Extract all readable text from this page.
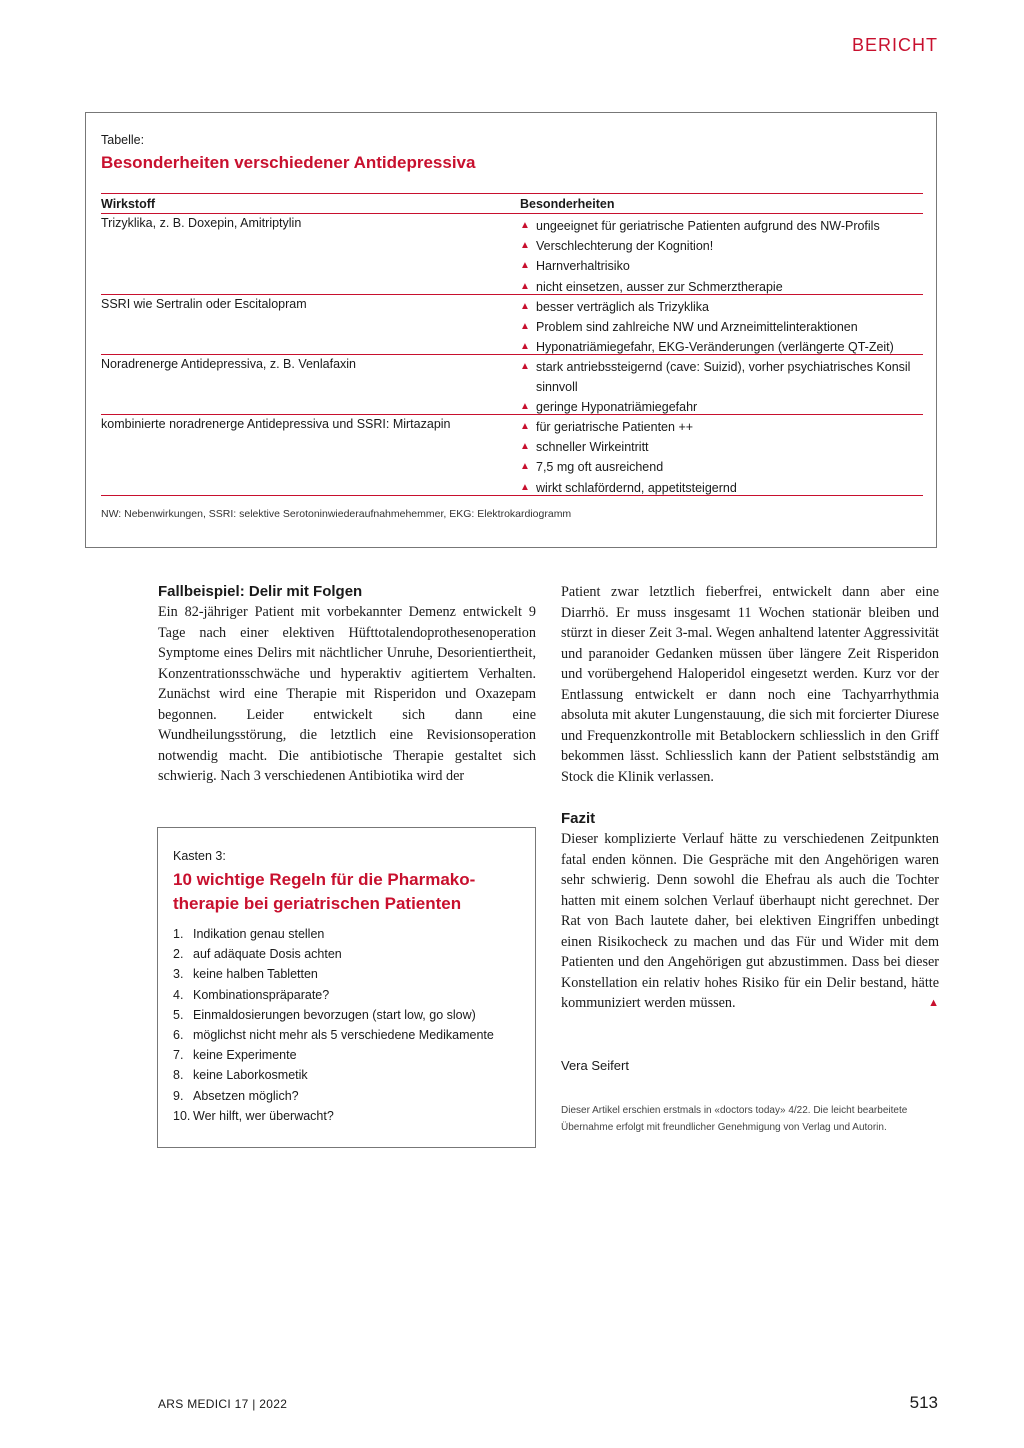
BERICHT
Tabelle:
Besonderheiten verschiedener Antidepressiva
Wirkstoff	Besonderheiten
Trizyklika, z. B. Doxepin, Amitriptylin	▲ ungeeignet für geriatrische Patienten aufgrund des NW-Profils
▲ Verschlechterung der Kognition!
▲ Harnverhaltrisiko
▲ nicht einsetzen, ausser zur Schmerztherapie
SSRI wie Sertralin oder Escitalopram	▲ besser verträglich als Trizyklika
▲ Problem sind zahlreiche NW und Arzneimittelinteraktionen
▲ Hyponatriämiegefahr, EKG-Veränderungen (verlängerte QT-Zeit)
Noradrenerge Antidepressiva, z. B. Venlafaxin	▲ stark antriebssteigernd (cave: Suizid), vorher psychiatrisches Konsil sinnvoll
▲ geringe Hyponatriämiegefahr
kombinierte noradrenerge Antidepressiva und SSRI: Mirtazapin	▲ für geriatrische Patienten ++
▲ schneller Wirkeintritt
▲ 7,5 mg oft ausreichend
▲ wirkt schlafördernd, appetitsteigernd
NW: Nebenwirkungen, SSRI: selektive Serotoninwiederaufnahmehemmer, EKG: Elektrokardiogramm
Fallbeispiel: Delir mit Folgen

Ein 82-jähriger Patient mit vorbekannter Demenz entwickelt 9 Tage nach einer elektiven Hüfttotalendoprothesenoperation Symptome eines Delirs mit nächtlicher Unruhe, Desorientiertheit, Konzentrationsschwäche und hyperaktiv agitiertem Verhalten. Zunächst wird eine Therapie mit Risperidon und Oxazepam begonnen. Leider entwickelt sich dann eine Wundheilungsstörung, die letztlich eine Revisionsoperation notwendig macht. Die antibiotische Therapie gestaltet sich schwierig. Nach 3 verschiedenen Antibiotika wird der

Patient zwar letztlich fieberfrei, entwickelt dann aber eine Diarrhö. Er muss insgesamt 11 Wochen stationär bleiben und stürzt in dieser Zeit 3-mal. Wegen anhaltend latenter Aggressivität und paranoider Gedanken müssen über längere Zeit Risperidon und vorübergehend Haloperidol eingesetzt werden. Kurz vor der Entlassung entwickelt er dann noch eine Tachyarrhythmia absoluta mit akuter Lungenstauung, die sich mit forcierter Diurese und Frequenzkontrolle mit Betablockern schliesslich in den Griff bekommen lässt. Schliesslich kann der Patient selbstständig am Stock die Klinik verlassen.

Kasten 3:
10 wichtige Regeln für die Pharmakotherapie bei geriatrischen Patienten
1. Indikation genau stellen
2. auf adäquate Dosis achten
3. keine halben Tabletten
4. Kombinationspräparate?
5. Einmaldosierungen bevorzugen (start low, go slow)
6. möglichst nicht mehr als 5 verschiedene Medikamente
7. keine Experimente
8. keine Laborkosmetik
9. Absetzen möglich?
10. Wer hilft, wer überwacht?
Fazit

Dieser komplizierte Verlauf hätte zu verschiedenen Zeitpunkten fatal enden können. Die Gespräche mit den Angehörigen waren sehr schwierig. Denn sowohl die Ehefrau als auch die Tochter hatten mit einem solchen Verlauf überhaupt nicht gerechnet. Der Rat von Bach lautete daher, bei elektiven Eingriffen unbedingt einen Risikocheck zu machen und das Für und Wider mit dem Patienten und den Angehörigen gut abzustimmen. Dass bei dieser Konstellation ein relativ hohes Risiko für ein Delir bestand, hätte kommuniziert werden müssen.	▲

Vera Seifert
Dieser Artikel erschien erstmals in «doctors today» 4/22. Die leicht bearbeitete Übernahme erfolgt mit freundlicher Genehmigung von Verlag und Autorin.
ARS MEDICI 17 | 2022	513
